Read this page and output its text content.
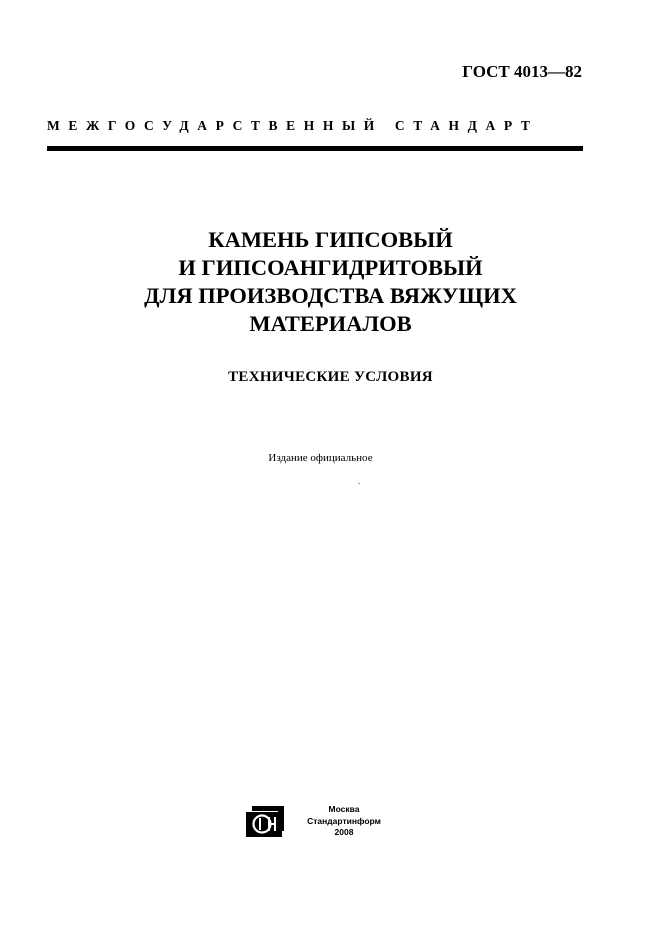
ГОСТ 4013—82
МЕЖГОСУДАРСТВЕННЫЙ СТАНДАРТ
КАМЕНЬ ГИПСОВЫЙ
И ГИПСОАНГИДРИТОВЫЙ
ДЛЯ ПРОИЗВОДСТВА ВЯЖУЩИХ
МАТЕРИАЛОВ
ТЕХНИЧЕСКИЕ УСЛОВИЯ
Издание официальное
Москва
Стандартинформ
2008
